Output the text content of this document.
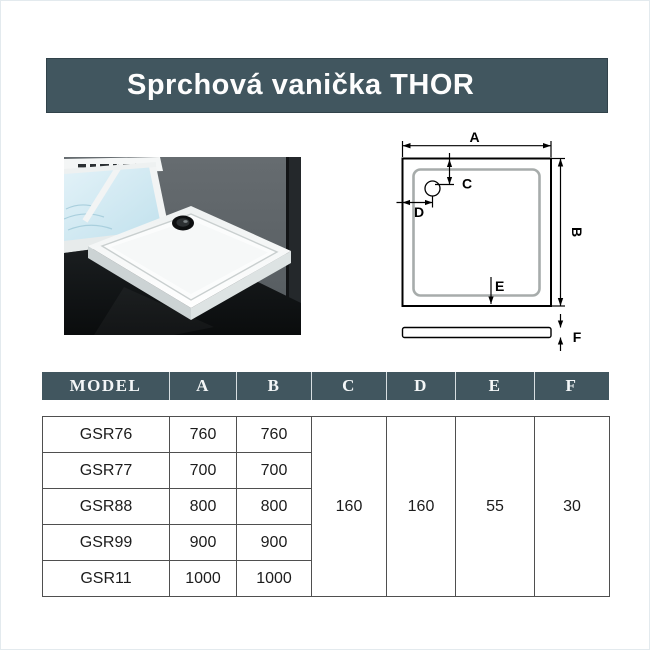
Sprchová vanička THOR
A
B
C
D
E
F
MODEL	A	B	C	D	E	F
GSR76	760	760	160	160	55	30
GSR77	700	700				
GSR88	800	800				
GSR99	900	900				
GSR11	1000	1000				
